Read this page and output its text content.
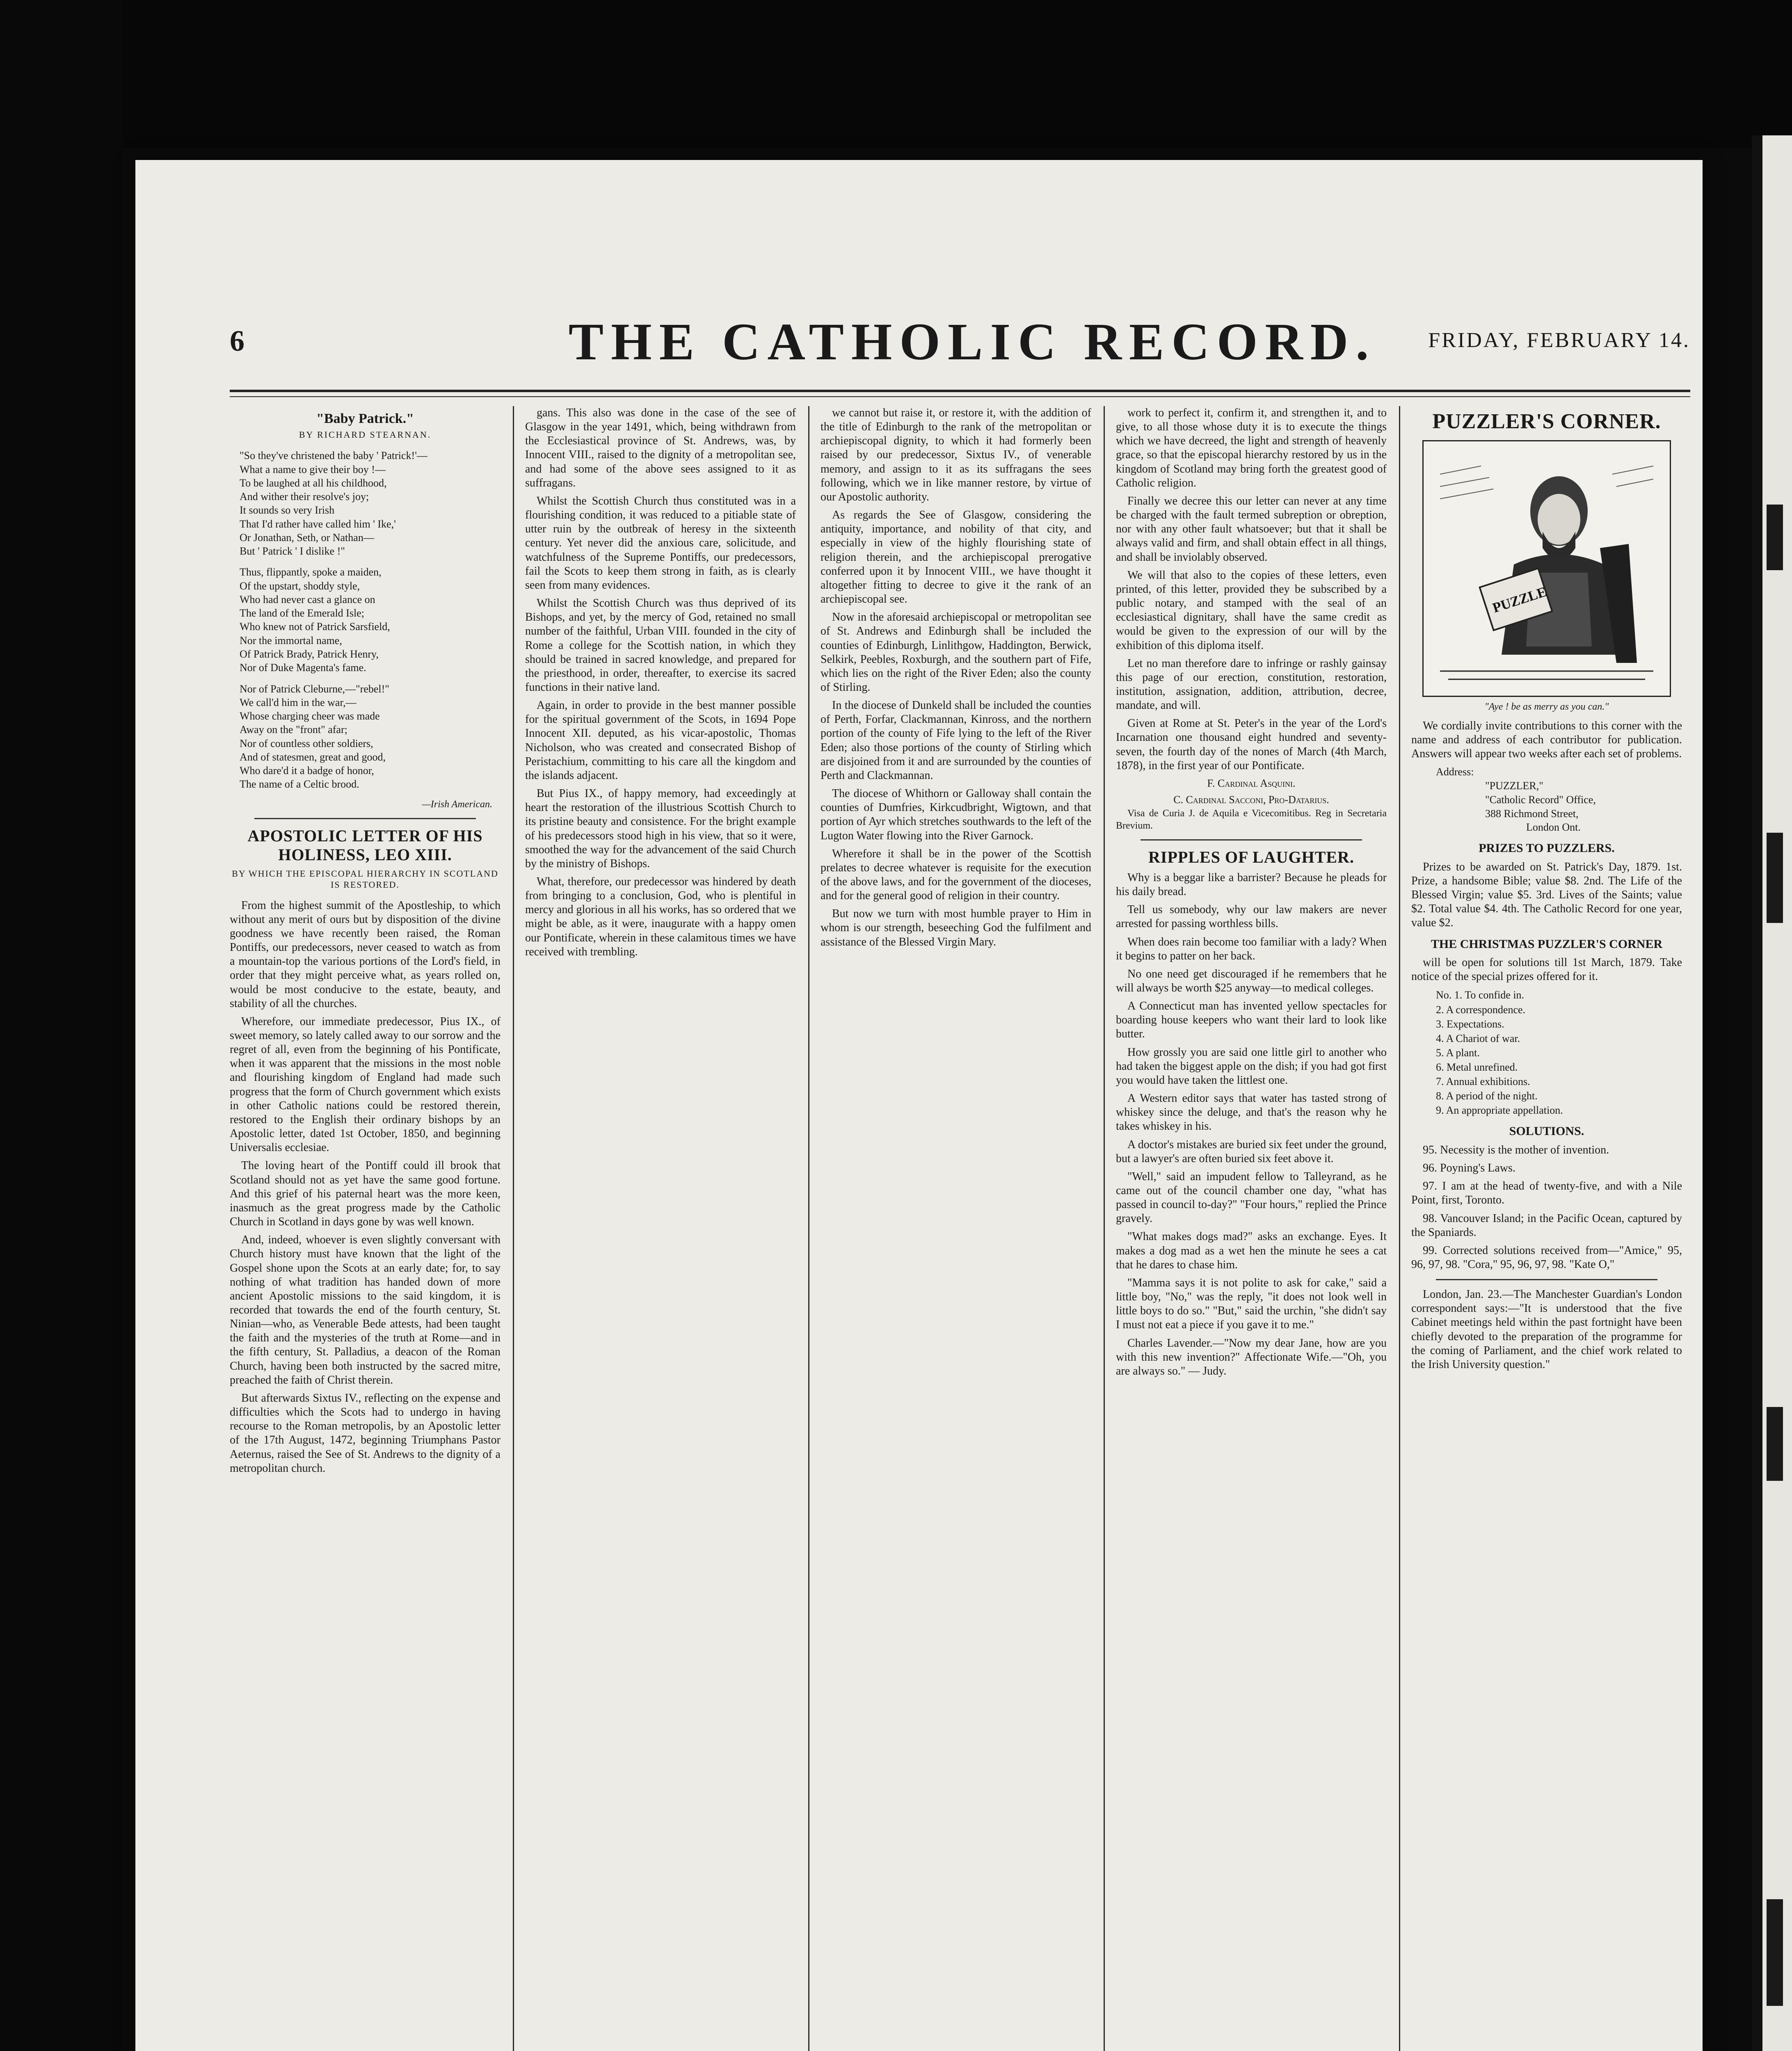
6	THE CATHOLIC RECORD.	FRIDAY, FEBRUARY 14.
"Baby Patrick."
BY RICHARD STEARNAN.
"So they've christened the baby ' Patrick!'—
What a name to give their boy !—
To be laughed at all his childhood,
And wither their resolve's joy;
It sounds so very Irish
That I'd rather have called him ' Ike,'
Or Jonathan, Seth, or Nathan—
But ' Patrick ' I dislike !"
Thus, flippantly, spoke a maiden,
Of the upstart, shoddy style,
Who had never cast a glance on
The land of the Emerald Isle;
Who knew not of Patrick Sarsfield,
Nor the immortal name,
Of Patrick Brady, Patrick Henry,
Nor of Duke Magenta's fame.
Nor of Patrick Cleburne,—"rebel!"
We call'd him in the war,—
Whose charging cheer was made
Away on the "front" afar;
Nor of countless other soldiers,
And of statesmen, great and good,
Who dare'd it a badge of honor,
The name of a Celtic brood.
—Irish American.
APOSTOLIC LETTER OF HIS HOLINESS, LEO XIII.
BY WHICH THE EPISCOPAL HIERARCHY IN SCOTLAND IS RESTORED.

From the highest summit of the Apostleship, to which without any merit of ours but by disposition of the divine goodness we have recently been raised, the Roman Pontiffs, our predecessors, never ceased to watch as from a mountain-top the various portions of the Lord's field, in order that they might perceive what, as years rolled on, would be most conducive to the estate, beauty, and stability of all the churches.

Wherefore, our immediate predecessor, Pius IX., of sweet memory, so lately called away to our sorrow and the regret of all, even from the beginning of his Pontificate, when it was apparent that the missions in the most noble and flourishing kingdom of England had made such progress that the form of Church government which exists in other Catholic nations could be restored therein, restored to the English their ordinary bishops by an Apostolic letter, dated 1st October, 1850, and beginning Universalis ecclesiae.

The loving heart of the Pontiff could ill brook that Scotland should not as yet have the same good fortune. And this grief of his paternal heart was the more keen, inasmuch as the great progress made by the Catholic Church in Scotland in days gone by was well known.

And, indeed, whoever is even slightly conversant with Church history must have known that the light of the Gospel shone upon the Scots at an early date; for, to say nothing of what tradition has handed down of more ancient Apostolic missions to the said kingdom, it is recorded that towards the end of the fourth century, St. Ninian—who, as Venerable Bede attests, had been taught the faith and the mysteries of the truth at Rome—and in the fifth century, St. Palladius, a deacon of the Roman Church, having been both instructed by the sacred mitre, preached the faith of Christ therein.

But afterwards Sixtus IV., reflecting on the expense and difficulties which the Scots had to undergo in having recourse to the Roman metropolis, by an Apostolic letter of the 17th August, 1472, beginning Triumphans Pastor Aeternus, raised the See of St. Andrews to the dignity of a metropolitan church.

gans. This also was done in the case of the see of Glasgow in the year 1491, which, being withdrawn from the Ecclesiastical province of St. Andrews, was, by Innocent VIII., raised to the dignity of a metropolitan see, and had some of the above sees assigned to it as suffragans.

Whilst the Scottish Church thus constituted was in a flourishing condition, it was reduced to a pitiable state of utter ruin by the outbreak of heresy in the sixteenth century. Yet never did the anxious care, solicitude, and watchfulness of the Supreme Pontiffs, our predecessors, fail the Scots to keep them strong in faith, as is clearly seen from many evidences.

Whilst the Scottish Church was thus deprived of its Bishops, and yet, by the mercy of God, retained no small number of the faithful, Urban VIII. founded in the city of Rome a college for the Scottish nation, in which they should be trained in sacred knowledge, and prepared for the priesthood, in order, thereafter, to exercise its sacred functions in their native land.

Again, in order to provide in the best manner possible for the spiritual government of the Scots, in 1694 Pope Innocent XII. deputed, as his vicar-apostolic, Thomas Nicholson, who was created and consecrated Bishop of Peristachium, committing to his care all the kingdom and the islands adjacent.

But Pius IX., of happy memory, had exceedingly at heart the restoration of the illustrious Scottish Church to its pristine beauty and consistence. For the bright example of his predecessors stood high in his view, that so it were, smoothed the way for the advancement of the said Church by the ministry of Bishops.

What, therefore, our predecessor was hindered by death from bringing to a conclusion, God, who is plentiful in mercy and glorious in all his works, has so ordered that we might be able, as it were, inaugurate with a happy omen our Pontificate, wherein in these calamitous times we have received with trembling.

we cannot but raise it, or restore it, with the addition of the title of Edinburgh to the rank of the metropolitan or archiepiscopal dignity, to which it had formerly been raised by our predecessor, Sixtus IV., of venerable memory, and assign to it as its suffragans the sees following, which we in like manner restore, by virtue of our Apostolic authority.

As regards the See of Glasgow, considering the antiquity, importance, and nobility of that city, and especially in view of the highly flourishing state of religion therein, and the archiepiscopal prerogative conferred upon it by Innocent VIII., we have thought it altogether fitting to decree to give it the rank of an archiepiscopal see.

Now in the aforesaid archiepiscopal or metropolitan see of St. Andrews and Edinburgh shall be included the counties of Edinburgh, Linlithgow, Haddington, Berwick, Selkirk, Peebles, Roxburgh, and the southern part of Fife, which lies on the right of the River Eden; also the county of Stirling.

In the diocese of Dunkeld shall be included the counties of Perth, Forfar, Clackmannan, Kinross, and the northern portion of the county of Fife lying to the left of the River Eden; also those portions of the county of Stirling which are disjoined from it and are surrounded by the counties of Perth and Clackmannan.

The diocese of Whithorn or Galloway shall contain the counties of Dumfries, Kirkcudbright, Wigtown, and that portion of Ayr which stretches southwards to the left of the Lugton Water flowing into the River Garnock.

Wherefore it shall be in the power of the Scottish prelates to decree whatever is requisite for the execution of the above laws, and for the government of the dioceses, and for the general good of religion in their country.

But now we turn with most humble prayer to Him in whom is our strength, beseeching God the fulfilment and assistance of the Blessed Virgin Mary.

work to perfect it, confirm it, and strengthen it, and to give, to all those whose duty it is to execute the things which we have decreed, the light and strength of heavenly grace, so that the episcopal hierarchy restored by us in the kingdom of Scotland may bring forth the greatest good of Catholic religion.

Finally we decree this our letter can never at any time be charged with the fault termed subreption or obreption, nor with any other fault whatsoever; but that it shall be always valid and firm, and shall obtain effect in all things, and shall be inviolably observed.

We will that also to the copies of these letters, even printed, of this letter, provided they be subscribed by a public notary, and stamped with the seal of an ecclesiastical dignitary, shall have the same credit as would be given to the expression of our will by the exhibition of this diploma itself.

Let no man therefore dare to infringe or rashly gainsay this page of our erection, constitution, restoration, institution, assignation, addition, attribution, decree, mandate, and will.

Given at Rome at St. Peter's in the year of the Lord's Incarnation one thousand eight hundred and seventy-seven, the fourth day of the nones of March (4th March, 1878), in the first year of our Pontificate.

F. Cardinal Asquini.
C. Cardinal Sacconi, Pro-Datarius.

Visa de Curia J. de Aquila e Vicecomitibus. Reg in Secretaria Brevium.

RIPPLES OF LAUGHTER.

Why is a beggar like a barrister? Because he pleads for his daily bread.

Tell us somebody, why our law makers are never arrested for passing worthless bills.

When does rain become too familiar with a lady? When it begins to patter on her back.

No one need get discouraged if he remembers that he will always be worth $25 anyway—to medical colleges.

A Connecticut man has invented yellow spectacles for boarding house keepers who want their lard to look like butter.

How grossly you are said one little girl to another who had taken the biggest apple on the dish; if you had got first you would have taken the littlest one.

A Western editor says that water has tasted strong of whiskey since the deluge, and that's the reason why he takes whiskey in his.

A doctor's mistakes are buried six feet under the ground, but a lawyer's are often buried six feet above it.

"Well," said an impudent fellow to Talleyrand, as he came out of the council chamber one day, "what has passed in council to-day?" "Four hours," replied the Prince gravely.

"What makes dogs mad?" asks an exchange. Eyes. It makes a dog mad as a wet hen the minute he sees a cat that he dares to chase him.

"Mamma says it is not polite to ask for cake," said a little boy, "No," was the reply, "it does not look well in little boys to do so." "But," said the urchin, "she didn't say I must not eat a piece if you gave it to me."

Charles Lavender.—"Now my dear Jane, how are you with this new invention?" Affectionate Wife.—"Oh, you are always so." — Judy.

PUZZLER'S CORNER.
PUZZLE
"Aye ! be as merry as you can."

We cordially invite contributions to this corner with the name and address of each contributor for publication. Answers will appear two weeks after each set of problems.

Address:
"PUZZLER,"
"Catholic Record" Office,
388 Richmond Street,
London Ont.
PRIZES TO PUZZLERS.

Prizes to be awarded on St. Patrick's Day, 1879. 1st. Prize, a handsome Bible; value $8. 2nd. The Life of the Blessed Virgin; value $5. 3rd. Lives of the Saints; value $2. Total value $4. 4th. The Catholic Record for one year, value $2.

THE CHRISTMAS PUZZLER'S CORNER

will be open for solutions till 1st March, 1879. Take notice of the special prizes offered for it.

No. 1. To confide in.
2. A correspondence.
3. Expectations.
4. A Chariot of war.
5. A plant.
6. Metal unrefined.
7. Annual exhibitions.
8. A period of the night.
9. An appropriate appellation.
SOLUTIONS.

95. Necessity is the mother of invention.

96. Poyning's Laws.

97. I am at the head of twenty-five, and with a Nile Point, first, Toronto.

98. Vancouver Island; in the Pacific Ocean, captured by the Spaniards.

99. Corrected solutions received from—"Amice," 95, 96, 97, 98. "Cora," 95, 96, 97, 98. "Kate O,"

London, Jan. 23.—The Manchester Guardian's London correspondent says:—"It is understood that the five Cabinet meetings held within the past fortnight have been chiefly devoted to the preparation of the programme for the coming of Parliament, and the chief work related to the Irish University question."
